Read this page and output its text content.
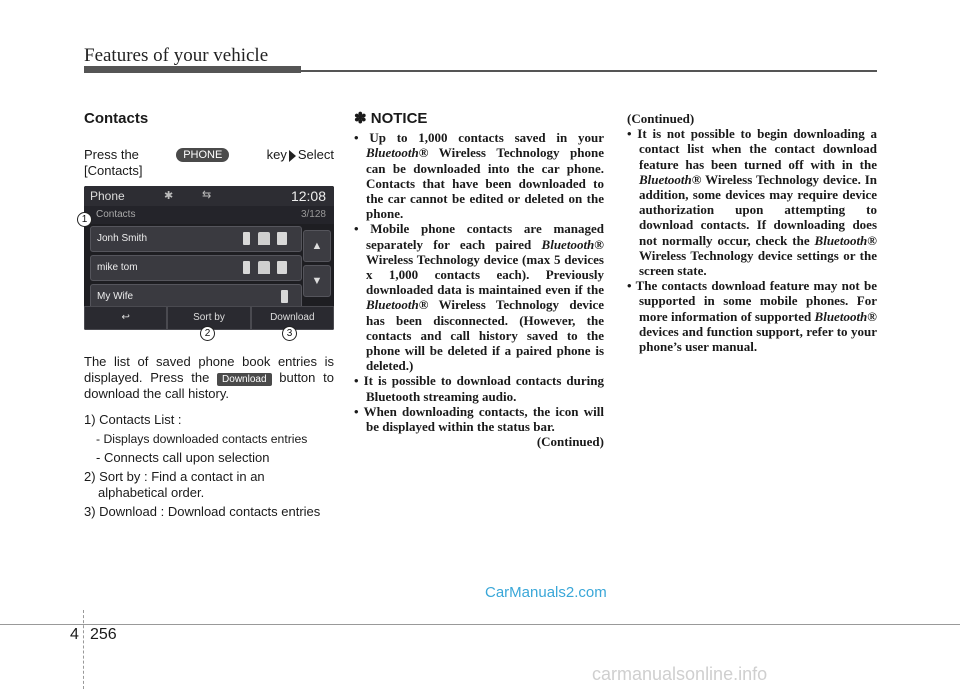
Features of your vehicle
Contacts
Press the	PHONE	key Select
[Contacts]
Phone	✱	⇆	12:08
Contacts	3/128
Jonh Smith
mike tom
My Wife
▲
▼
↩	Sort by	Download
1
2	3

The list of saved phone book entries is displayed. Press the Download button to download the call history.

1) Contacts List :
- Displays downloaded contacts entries
- Connects call upon selection
2) Sort by : Find a contact in an alphabetical order.
3) Download : Download contacts entries
✽ NOTICE
• Up to 1,000 contacts saved in your Bluetooth® Wireless Technology phone can be downloaded into the car phone. Contacts that have been downloaded to the car cannot be edited or deleted on the phone.
• Mobile phone contacts are managed separately for each paired Bluetooth® Wireless Technology device (max 5 devices x 1,000 contacts each). Previously downloaded data is maintained even if the Bluetooth® Wireless Technology device has been disconnected. (However, the contacts and call history saved to the phone will be deleted if a paired phone is deleted.)
• It is possible to download contacts during Bluetooth streaming audio.
• When downloading contacts, the icon will be displayed within the status bar.
(Continued)
(Continued)
• It is not possible to begin downloading a contact list when the contact download feature has been turned off with in the Bluetooth® Wireless Technology device. In addition, some devices may require device authorization upon attempting to download contacts. If downloading does not normally occur, check the Bluetooth® Wireless Technology device settings or the screen state.
• The contacts download feature may not be supported in some mobile phones. For more information of supported Bluetooth® devices and function support, refer to your phone’s user manual.
CarManuals2.com
4 256
carmanualsonline.info
